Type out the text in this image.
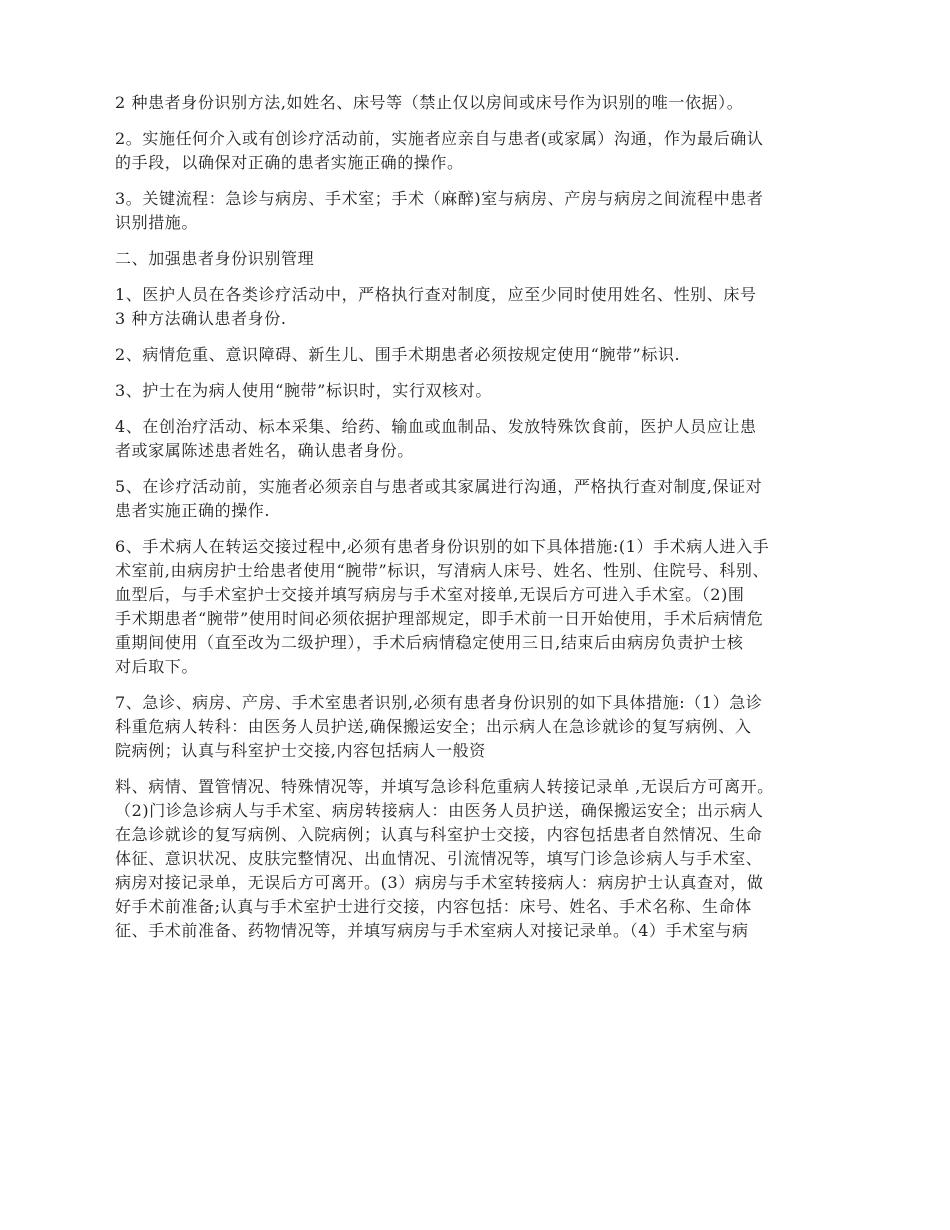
2 种患者身份识别方法,如姓名、床号等（禁止仅以房间或床号作为识别的唯一依据）。

2。实施任何介入或有创诊疗活动前，实施者应亲自与患者(或家属）沟通，作为最后确认
的手段，以确保对正确的患者实施正确的操作。

3。关键流程：急诊与病房、手术室；手术（麻醉)室与病房、产房与病房之间流程中患者
识别措施。

二、加强患者身份识别管理

1、医护人员在各类诊疗活动中，严格执行查对制度，应至少同时使用姓名、性别、床号
3 种方法确认患者身份.

2、病情危重、意识障碍、新生儿、围手术期患者必须按规定使用“腕带”标识.

3、护士在为病人使用“腕带”标识时，实行双核对。

4、在创治疗活动、标本采集、给药、输血或血制品、发放特殊饮食前，医护人员应让患
者或家属陈述患者姓名，确认患者身份。

5、在诊疗活动前，实施者必须亲自与患者或其家属进行沟通，严格执行查对制度,保证对
患者实施正确的操作.

6、手术病人在转运交接过程中,必须有患者身份识别的如下具体措施:(1）手术病人进入手
术室前,由病房护士给患者使用“腕带”标识，写清病人床号、姓名、性别、住院号、科别、
血型后，与手术室护士交接并填写病房与手术室对接单,无误后方可进入手术室。（2)围
手术期患者“腕带”使用时间必须依据护理部规定，即手术前一日开始使用，手术后病情危
重期间使用（直至改为二级护理），手术后病情稳定使用三日,结束后由病房负责护士核
对后取下。

7、急诊、病房、产房、手术室患者识别,必须有患者身份识别的如下具体措施:（1）急诊
科重危病人转科：由医务人员护送,确保搬运安全；出示病人在急诊就诊的复写病例、入
院病例；认真与科室护士交接,内容包括病人一般资

料、病情、置管情况、特殊情况等，并填写急诊科危重病人转接记录单 ,无误后方可离开。
（2)门诊急诊病人与手术室、病房转接病人：由医务人员护送，确保搬运安全；出示病人
在急诊就诊的复写病例、入院病例；认真与科室护士交接，内容包括患者自然情况、生命
体征、意识状况、皮肤完整情况、出血情况、引流情况等，填写门诊急诊病人与手术室、
病房对接记录单，无误后方可离开。(3）病房与手术室转接病人：病房护士认真查对，做
好手术前准备;认真与手术室护士进行交接，内容包括：床号、姓名、手术名称、生命体
征、手术前准备、药物情况等，并填写病房与手术室病人对接记录单。（4）手术室与病
